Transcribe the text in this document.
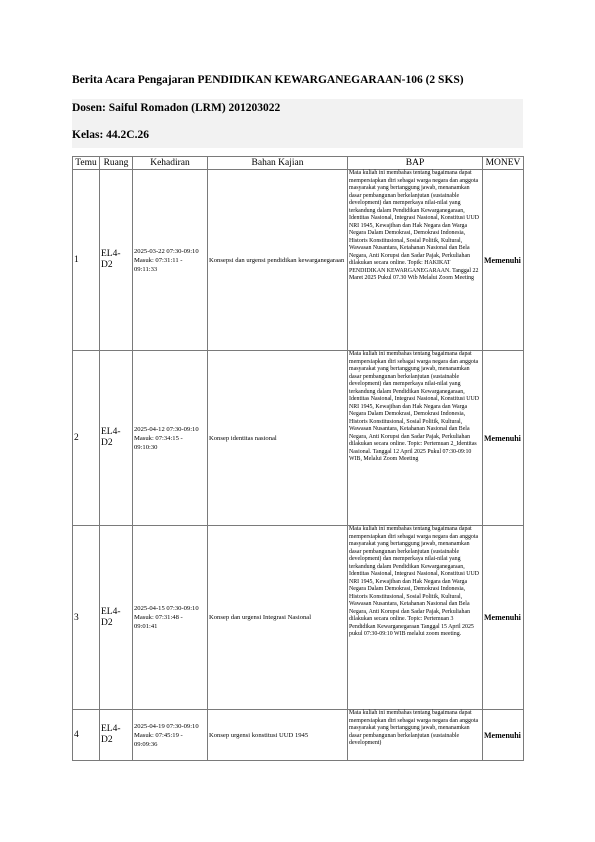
Berita Acara Pengajaran PENDIDIKAN KEWARGANEGARAAN-106 (2 SKS)
Dosen: Saiful Romadon (LRM) 201203022
Kelas: 44.2C.26
Temu	Ruang	Kehadiran	Bahan Kajian	BAP	MONEV
1	EL4-D2	2025-03-22 07:30-09:10
Masuk: 07:31:11 - 09:11:33	Konsepsi dan urgensi pendidikan kewarganegaraan	Mata kuliah ini membahas tentang bagaimana dapat mempersiapkan diri sebagai warga negara dan anggota masyarakat yang bertanggung jawab, menanamkan dasar pembangunan berkelanjutan (sustainable development) dan memperkaya nilai-nilai yang terkandung dalam Pendidikan Kewarganegaraan, Identitas Nasional, Integrasi Nasional, Konstitusi UUD NRI 1945, Kewajiban dan Hak Negara dan Warga Negara Dalam Demokrasi, Demokrasi Indonesia, Historis Konstitusional, Sosial Politik, Kultural, Wawasan Nusantara, Ketahanan Nasional dan Bela Negara, Anti Korupsi dan Sadar Pajak, Perkuliahan dilakukan secara online. Topik: HAKIKAT PENDIDIKAN KEWARGANEGARAAN. Tanggal 22 Maret 2025 Pukul 07.30 Wib Melalui Zoom Meeting	Memenuhi
2	EL4-D2	2025-04-12 07:30-09:10
Masuk: 07:34:15 - 09:10:30	Konsep identitas nasional	Mata kuliah ini membahas tentang bagaimana dapat mempersiapkan diri sebagai warga negara dan anggota masyarakat yang bertanggung jawab, menanamkan dasar pembangunan berkelanjutan (sustainable development) dan memperkaya nilai-nilai yang terkandung dalam Pendidikan Kewarganegaraan, Identitas Nasional, Integrasi Nasional, Konstitusi UUD NRI 1945, Kewajiban dan Hak Negara dan Warga Negara Dalam Demokrasi, Demokrasi Indonesia, Historis Konstitusional, Sosial Politik, Kultural, Wawasan Nusantara, Ketahanan Nasional dan Bela Negara, Anti Korupsi dan Sadar Pajak, Perkuliahan dilakukan secara online. Topic: Pertemuan 2_Identitas Nasional. Tanggal 12 April 2025 Pukul 07:30-09:10 WIB, Melalui Zoom Meeting	Memenuhi
3	EL4-D2	2025-04-15 07:30-09:10
Masuk: 07:31:48 - 09:01:41	Konsep dan urgensi Integrasi Nasional	Mata kuliah ini membahas tentang bagaimana dapat mempersiapkan diri sebagai warga negara dan anggota masyarakat yang bertanggung jawab, menanamkan dasar pembangunan berkelanjutan (sustainable development) dan memperkaya nilai-nilai yang terkandung dalam Pendidikan Kewarganegaraan, Identitas Nasional, Integrasi Nasional, Konstitusi UUD NRI 1945, Kewajiban dan Hak Negara dan Warga Negara Dalam Demokrasi, Demokrasi Indonesia, Historis Konstitusional, Sosial Politik, Kultural, Wawasan Nusantara, Ketahanan Nasional dan Bela Negara, Anti Korupsi dan Sadar Pajak, Perkuliahan dilakukan secara online. Topic: Pertemuan 3 Pendidikan Kewarganegaraan Tanggal 15 April 2025 pukul 07:30-09:10 WIB melalui zoom meeting.	Memenuhi
4	EL4-D2	2025-04-19 07:30-09:10
Masuk: 07:45:19 - 09:09:36	Konsep urgensi konstitusi UUD 1945	Mata kuliah ini membahas tentang bagaimana dapat mempersiapkan diri sebagai warga negara dan anggota masyarakat yang bertanggung jawab, menanamkan dasar pembangunan berkelanjutan (sustainable development)	Memenuhi
